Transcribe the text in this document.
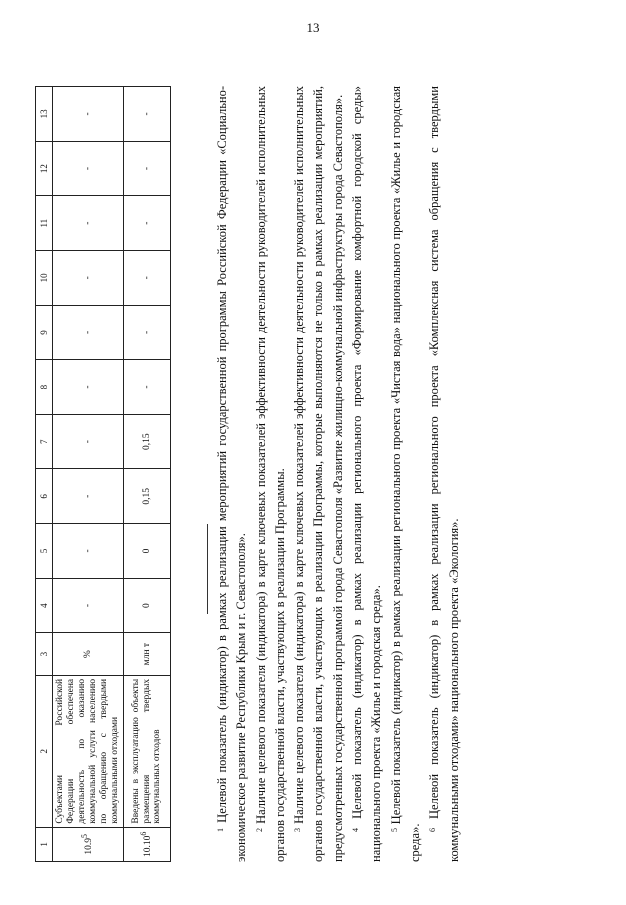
13
1	2	3	4	5	6	7	8	9	10	11	12	13
10.9$^5$	Субъектами Российской Федерации обеспечена деятельность по оказанию коммунальной услуги населению по обращению с твердыми коммунальными отходами	%	-	-	-	-	-	-	-	-	-	-
10.10$^6$	Введены в эксплуатацию объекты размещения твердых коммунальных отходов	млн т	0	0	0,15	0,15	-	-	-	-	-	-

$^1$ Целевой показатель (индикатор) в рамках реализации мероприятий государственной программы Российской Федерации «Социально-экономическое развитие Республики Крым и г. Севастополя». $^2$ Наличие целевого показателя (индикатора) в карте ключевых показателей эффективности деятельности руководителей исполнительных органов государственной власти, участвующих в реализации Программы. $^3$ Наличие целевого показателя (индикатора) в карте ключевых показателей эффективности деятельности руководителей исполнительных органов государственной власти, участвующих в реализации Программы, которые выполняются не только в рамках реализации мероприятий, предусмотренных государственной программой города Севастополя «Развитие жилищно-коммунальной инфраструктуры города Севастополя». $^4$ Целевой показатель (индикатор) в рамках реализации регионального проекта «Формирование комфортной городской среды» национального проекта «Жилье и городская среда». $^5$ Целевой показатель (индикатор) в рамках реализации регионального проекта «Чистая вода» национального проекта «Жилье и городская среда». $^6$ Целевой показатель (индикатор) в рамках реализации регионального проекта «Комплексная система обращения с твердыми коммунальными отходами» национального проекта «Экология».
